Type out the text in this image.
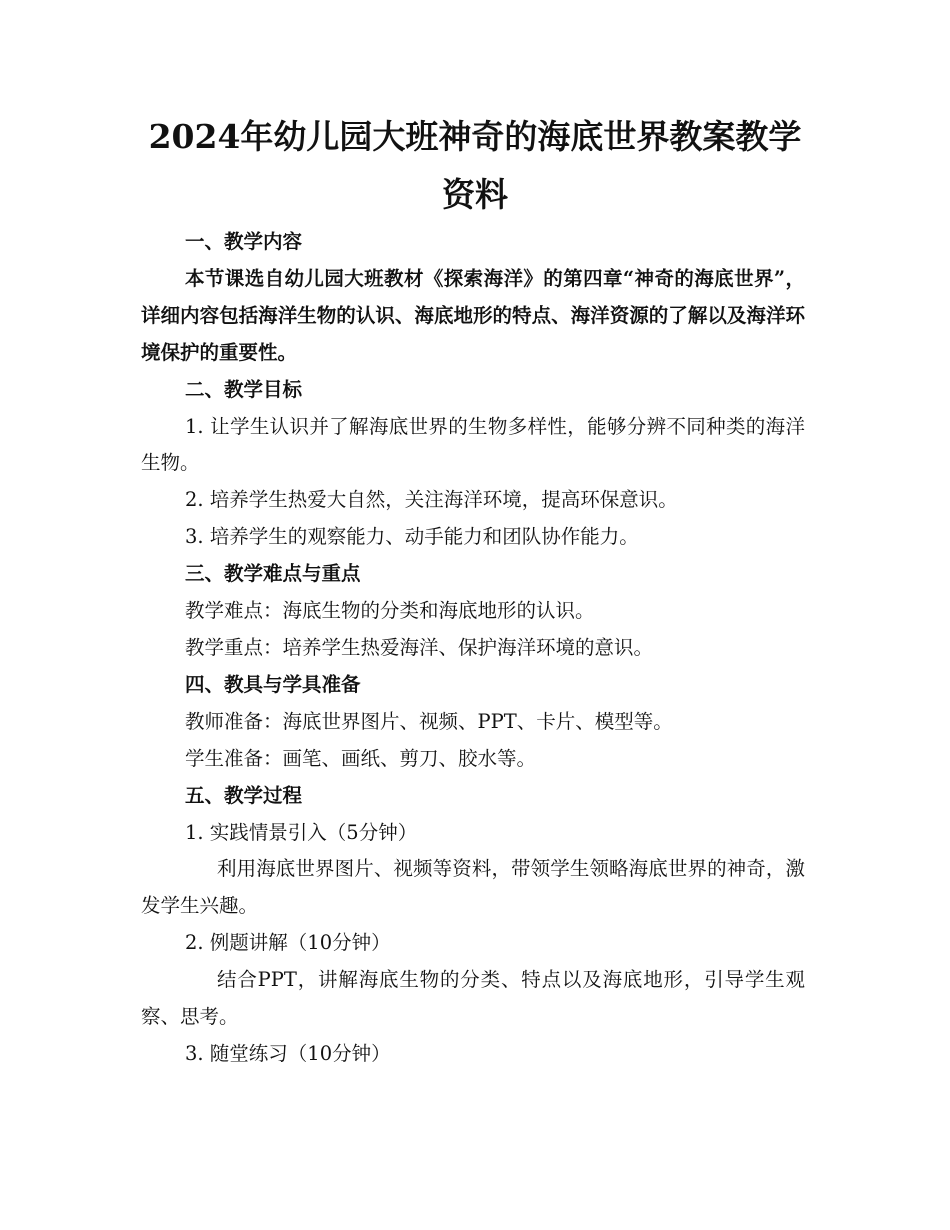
2024年幼儿园大班神奇的海底世界教案教学资料

一、教学内容

本节课选自幼儿园大班教材《探索海洋》的第四章“神奇的海底世界”，详细内容包括海洋生物的认识、海底地形的特点、海洋资源的了解以及海洋环境保护的重要性。

二、教学目标

1. 让学生认识并了解海底世界的生物多样性，能够分辨不同种类的海洋生物。

2. 培养学生热爱大自然，关注海洋环境，提高环保意识。

3. 培养学生的观察能力、动手能力和团队协作能力。

三、教学难点与重点

教学难点：海底生物的分类和海底地形的认识。

教学重点：培养学生热爱海洋、保护海洋环境的意识。

四、教具与学具准备

教师准备：海底世界图片、视频、PPT、卡片、模型等。

学生准备：画笔、画纸、剪刀、胶水等。

五、教学过程

1. 实践情景引入（5分钟）

利用海底世界图片、视频等资料，带领学生领略海底世界的神奇，激发学生兴趣。

2. 例题讲解（10分钟）

结合PPT，讲解海底生物的分类、特点以及海底地形，引导学生观察、思考。

3. 随堂练习（10分钟）
